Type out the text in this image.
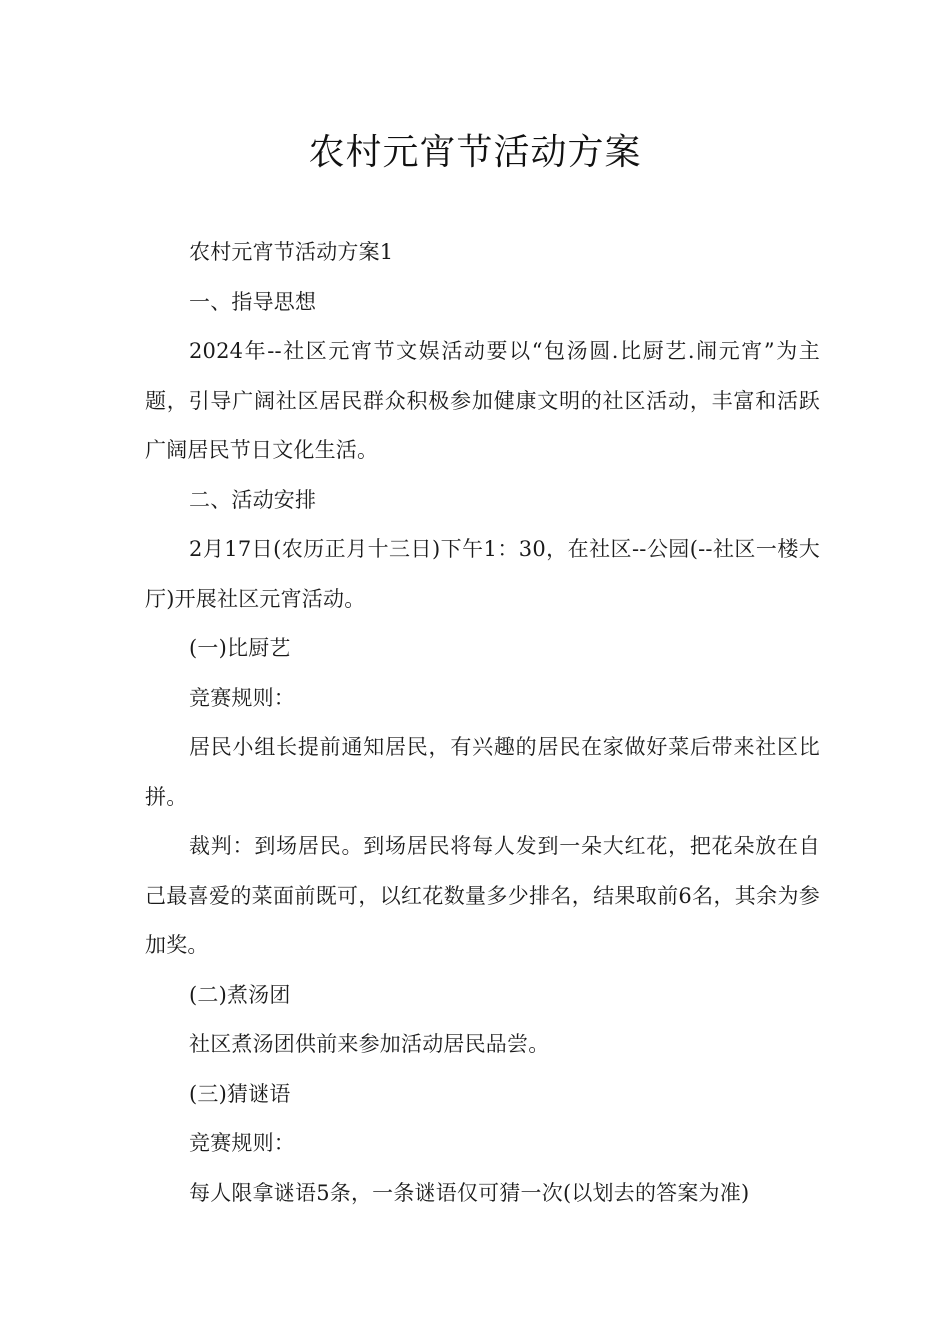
农村元宵节活动方案

农村元宵节活动方案1

一、指导思想

2024年--社区元宵节文娱活动要以“包汤圆.比厨艺.闹元宵”为主题，引导广阔社区居民群众积极参加健康文明的社区活动，丰富和活跃广阔居民节日文化生活。

二、活动安排

2月17日(农历正月十三日)下午1：30，在社区--公园(--社区一楼大厅)开展社区元宵活动。

(一)比厨艺

竞赛规则：

居民小组长提前通知居民，有兴趣的居民在家做好菜后带来社区比拼。

裁判：到场居民。到场居民将每人发到一朵大红花，把花朵放在自己最喜爱的菜面前既可，以红花数量多少排名，结果取前6名，其余为参加奖。

(二)煮汤团

社区煮汤团供前来参加活动居民品尝。

(三)猜谜语

竞赛规则：

每人限拿谜语5条，一条谜语仅可猜一次(以划去的答案为准)
